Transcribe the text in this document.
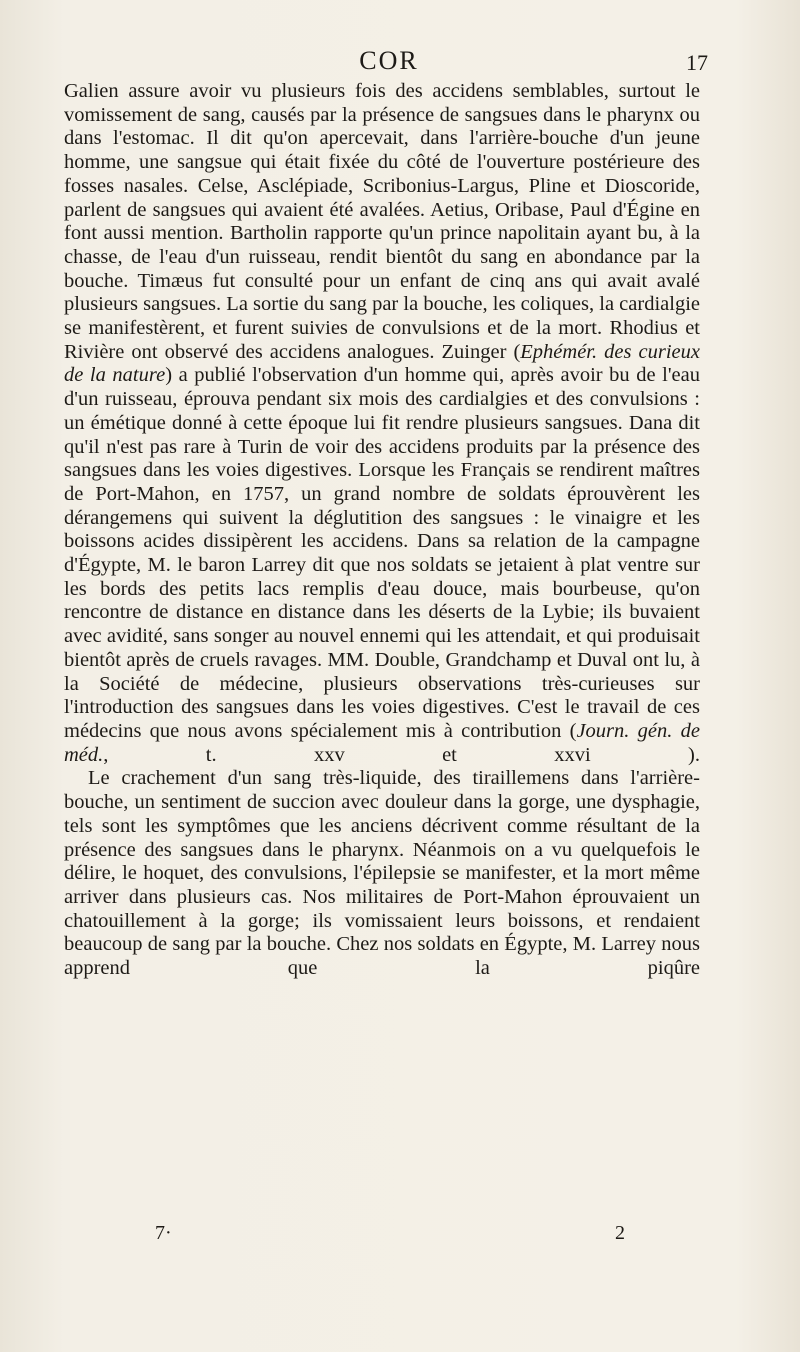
COR	17

Galien assure avoir vu plusieurs fois des accidens semblables, surtout le vomissement de sang, causés par la présence de sangsues dans le pharynx ou dans l'estomac. Il dit qu'on apercevait, dans l'arrière-bouche d'un jeune homme, une sangsue qui était fixée du côté de l'ouverture postérieure des fosses nasales. Celse, Asclépiade, Scribonius-Largus, Pline et Dioscoride, parlent de sangsues qui avaient été avalées. Aetius, Oribase, Paul d'Égine en font aussi mention. Bartholin rapporte qu'un prince napolitain ayant bu, à la chasse, de l'eau d'un ruisseau, rendit bientôt du sang en abondance par la bouche. Timæus fut consulté pour un enfant de cinq ans qui avait avalé plusieurs sangsues. La sortie du sang par la bouche, les coliques, la cardialgie se manifestèrent, et furent suivies de convulsions et de la mort. Rhodius et Rivière ont observé des accidens analogues. Zuinger (Ephémér. des curieux de la nature) a publié l'observation d'un homme qui, après avoir bu de l'eau d'un ruisseau, éprouva pendant six mois des cardialgies et des convulsions : un émétique donné à cette époque lui fit rendre plusieurs sangsues. Dana dit qu'il n'est pas rare à Turin de voir des accidens produits par la présence des sangsues dans les voies digestives. Lorsque les Français se rendirent maîtres de Port-Mahon, en 1757, un grand nombre de soldats éprouvèrent les dérangemens qui suivent la déglutition des sangsues : le vinaigre et les boissons acides dissipèrent les accidens. Dans sa relation de la campagne d'Égypte, M. le baron Larrey dit que nos soldats se jetaient à plat ventre sur les bords des petits lacs remplis d'eau douce, mais bourbeuse, qu'on rencontre de distance en distance dans les déserts de la Lybie; ils buvaient avec avidité, sans songer au nouvel ennemi qui les attendait, et qui produisait bientôt après de cruels ravages. MM. Double, Grandchamp et Duval ont lu, à la Société de médecine, plusieurs observations très-curieuses sur l'introduction des sangsues dans les voies digestives. C'est le travail de ces médecins que nous avons spécialement mis à contribution (Journ. gén. de méd., t. xxv et xxvi ).

Le crachement d'un sang très-liquide, des tiraillemens dans l'arrière-bouche, un sentiment de succion avec douleur dans la gorge, une dysphagie, tels sont les symptômes que les anciens décrivent comme résultant de la présence des sangsues dans le pharynx. Néanmois on a vu quelquefois le délire, le hoquet, des convulsions, l'épilepsie se manifester, et la mort même arriver dans plusieurs cas. Nos militaires de Port-Mahon éprouvaient un chatouillement à la gorge; ils vomissaient leurs boissons, et rendaient beaucoup de sang par la bouche. Chez nos soldats en Égypte, M. Larrey nous apprend que la piqûre

7·	2
